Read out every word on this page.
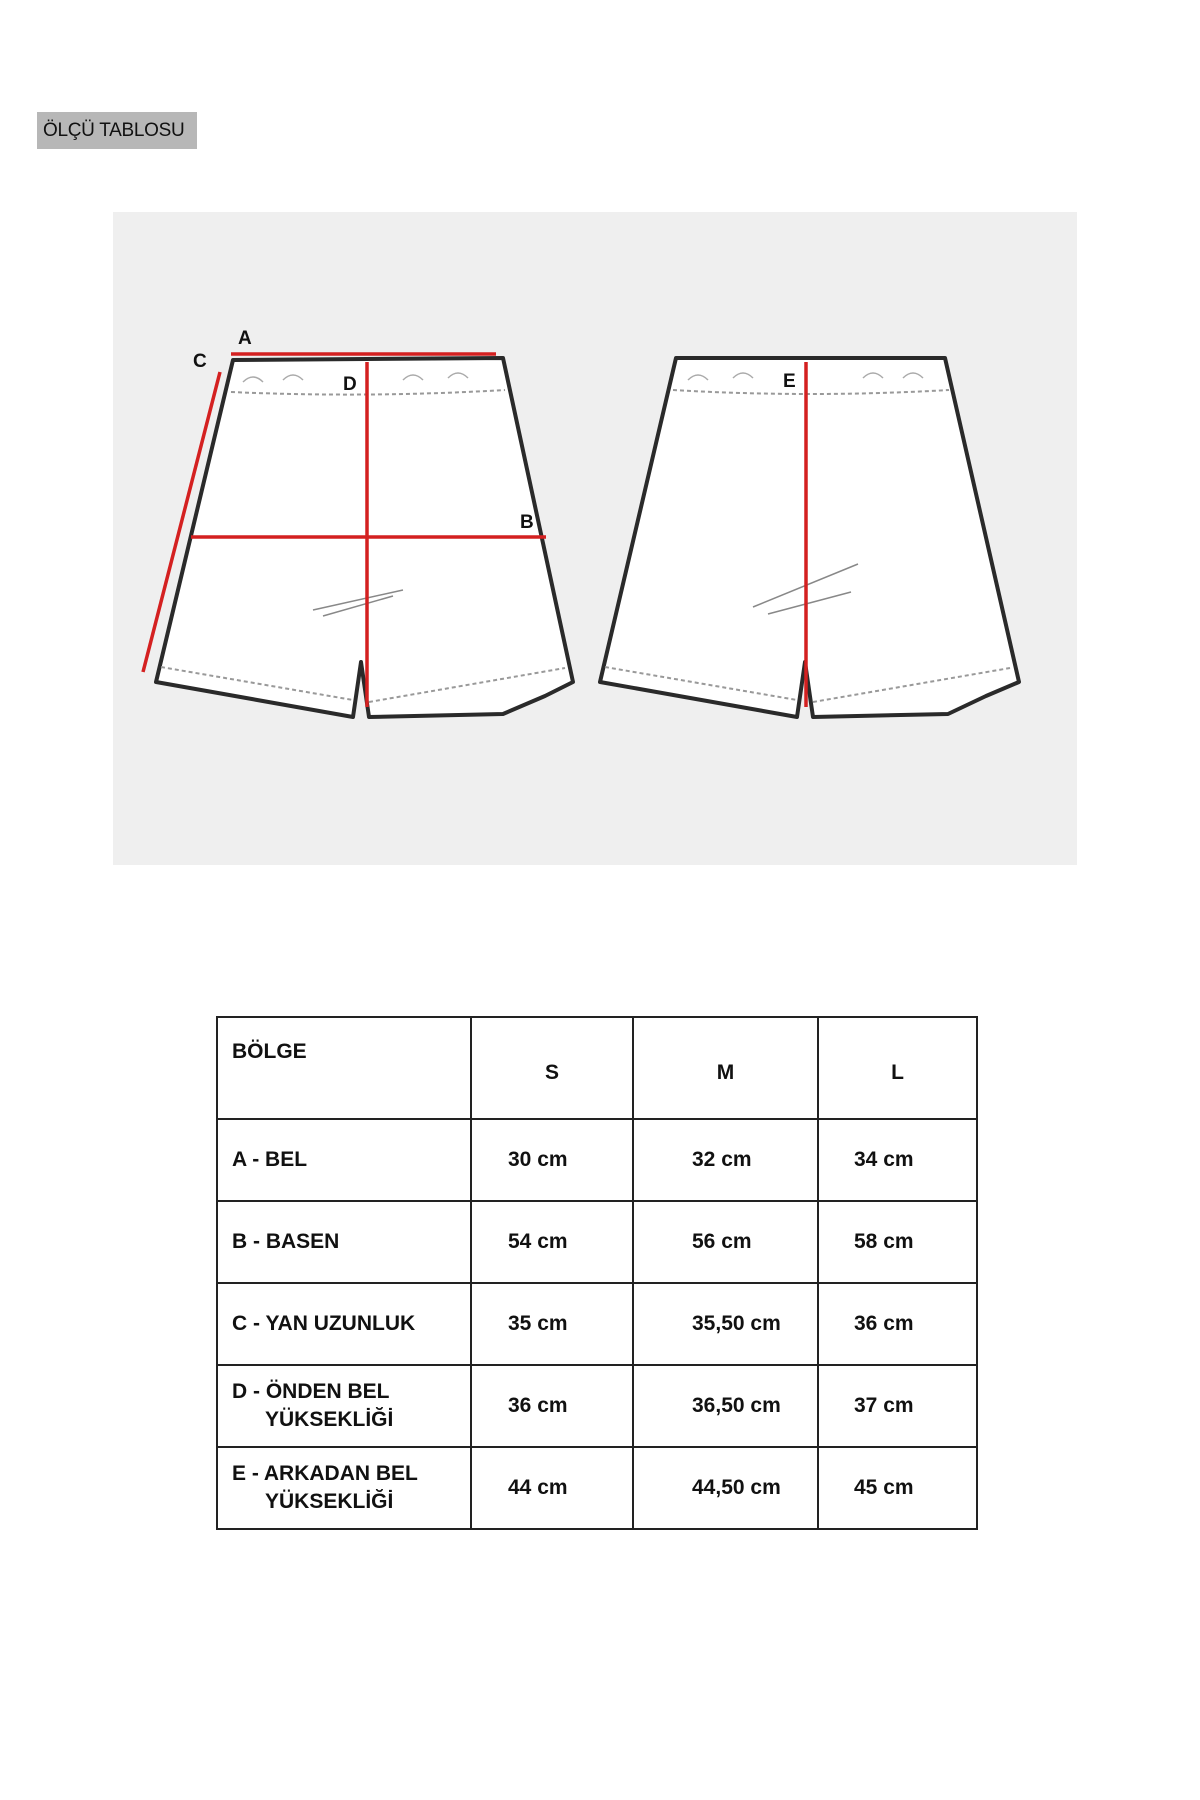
ÖLÇÜ TABLOSU
A
C
D
B
E
BÖLGE	S	M	L
A - BEL	30 cm	32 cm	34 cm
B - BASEN	54 cm	56 cm	58 cm
C - YAN UZUNLUK	35 cm	35,50 cm	36 cm
D - ÖNDEN BEL
YÜKSEKLİĞİ	36 cm	36,50 cm	37 cm
E - ARKADAN BEL
YÜKSEKLİĞİ	44 cm	44,50 cm	45 cm
